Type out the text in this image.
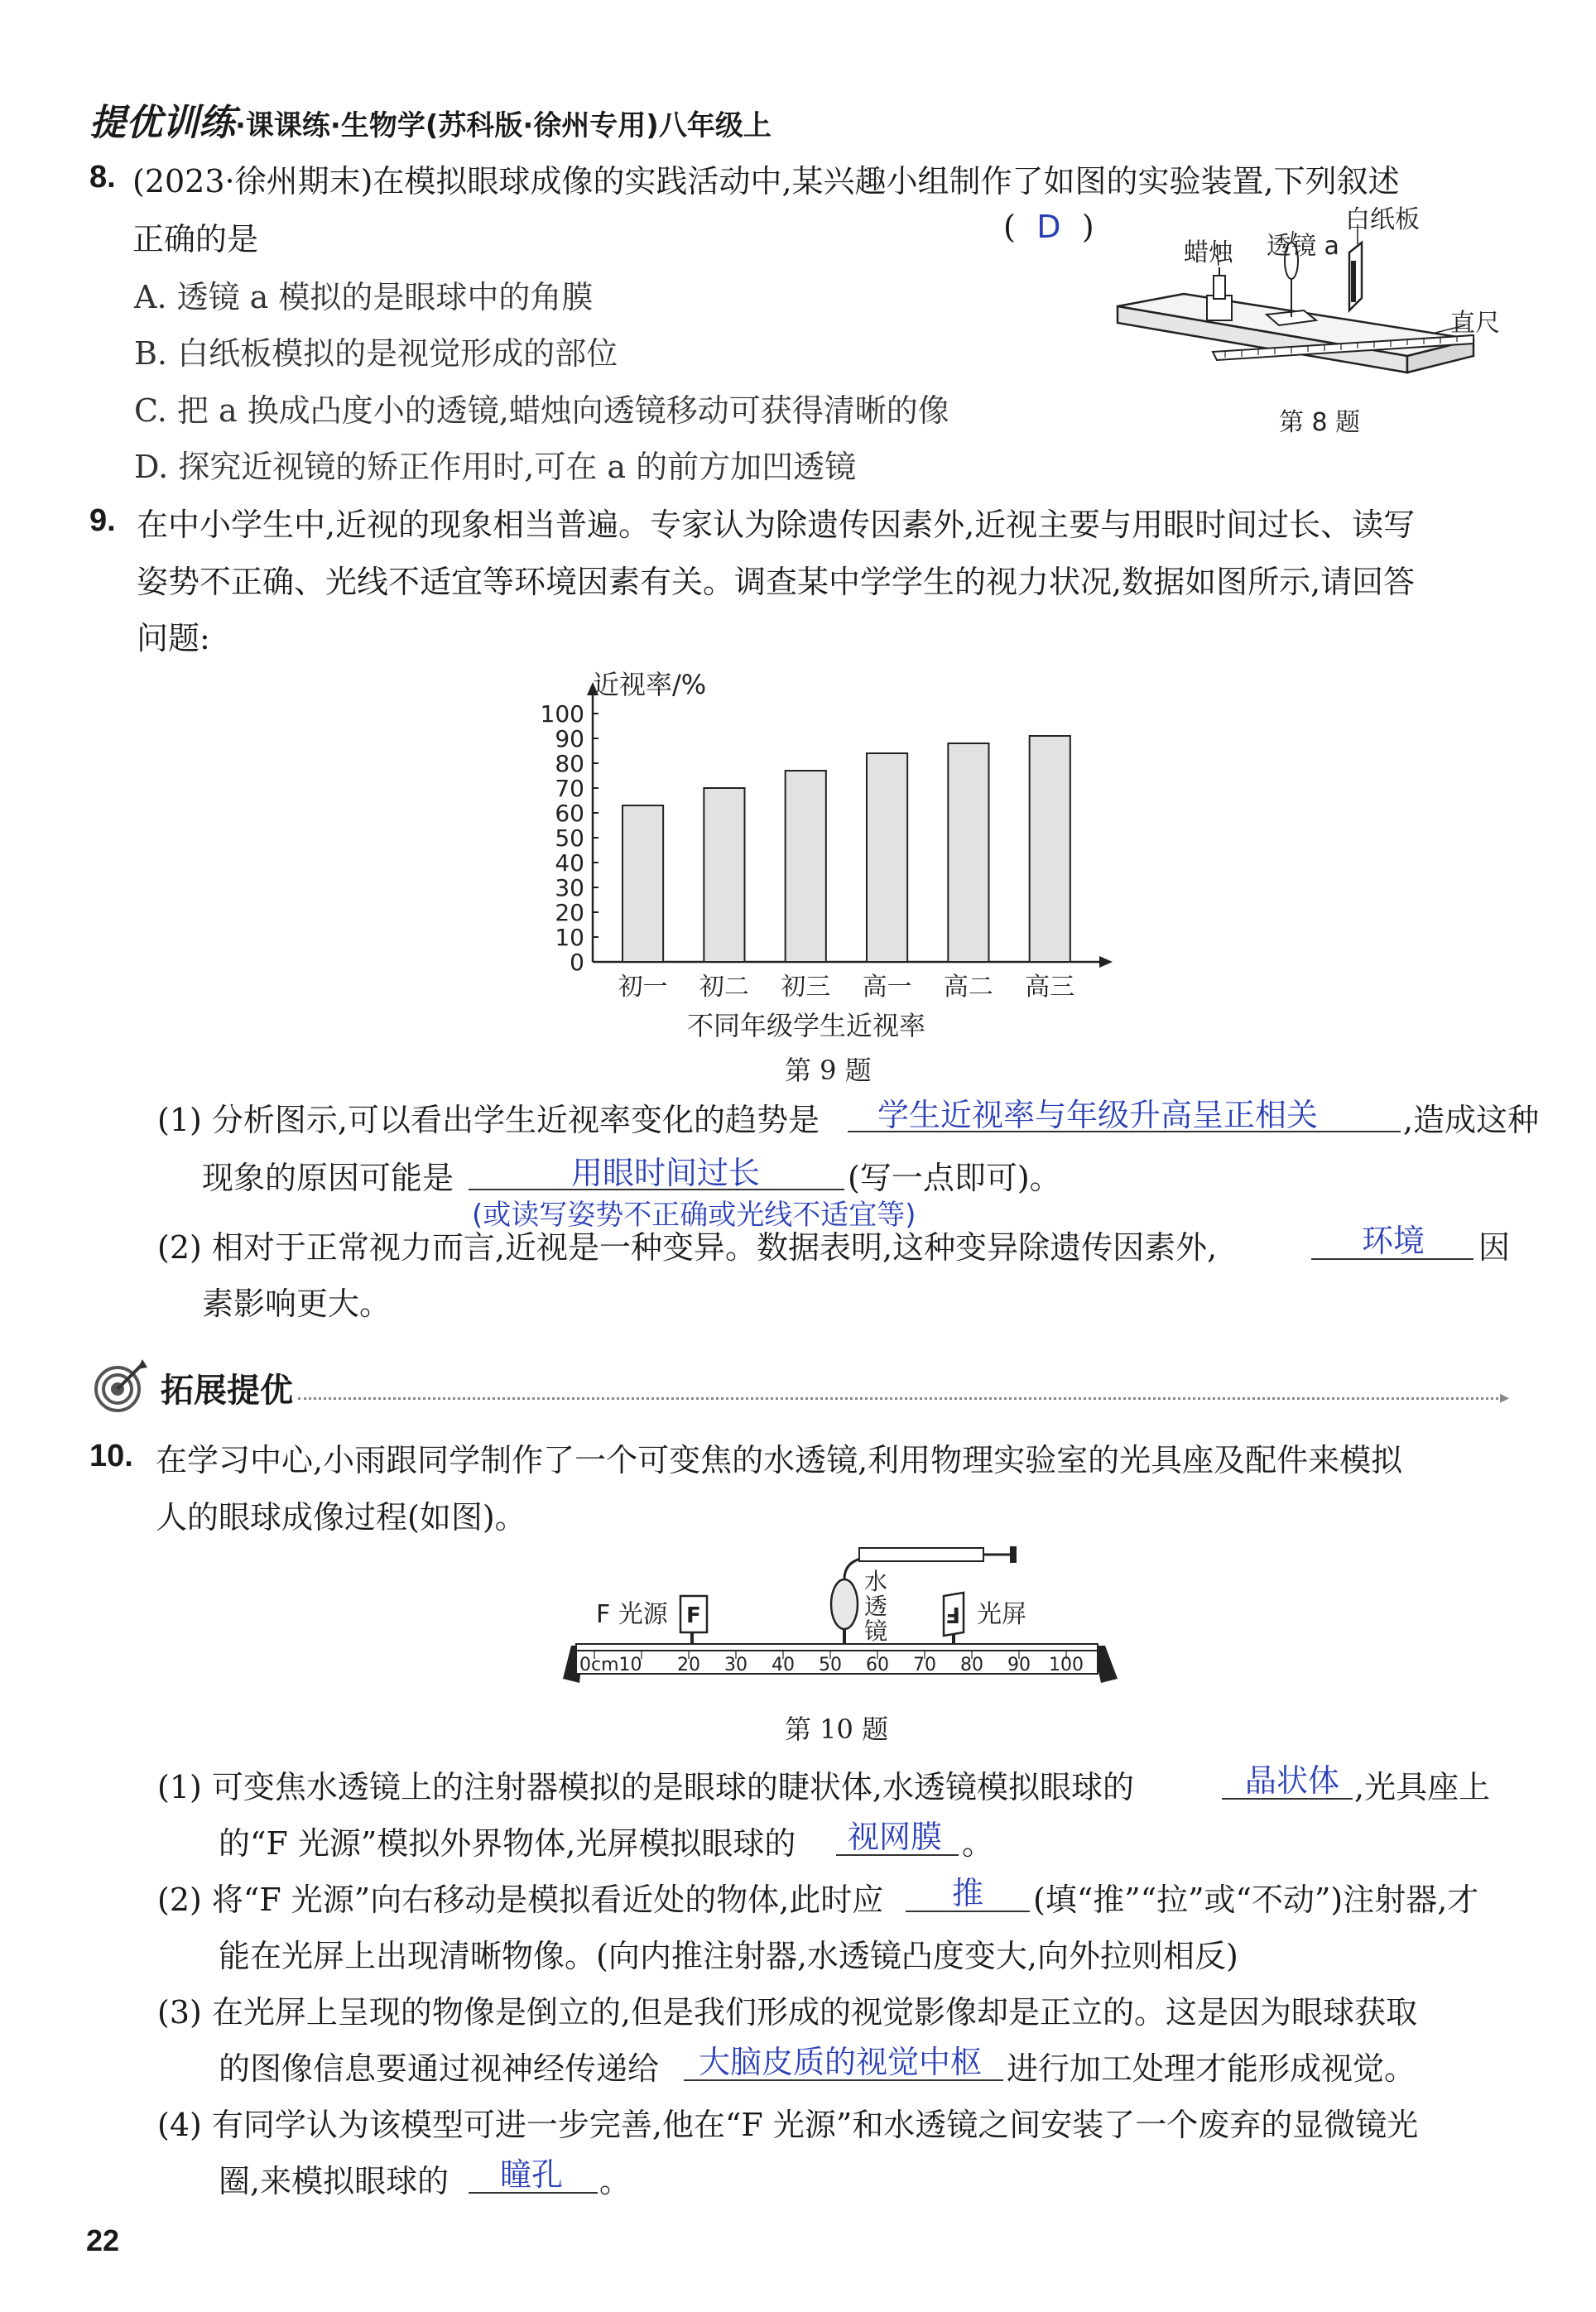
提优训练·课课练·生物学(苏科版·徐州专用)八年级上
8. (2023·徐州期末)在模拟眼球成像的实践活动中,某兴趣小组制作了如图的实验装置,下列叙述
正确的是	( D )
A. 透镜 a 模拟的是眼球中的角膜
B. 白纸板模拟的是视觉形成的部位
C. 把 a 换成凸度小的透镜,蜡烛向透镜移动可获得清晰的像
D. 探究近视镜的矫正作用时,可在 a 的前方加凹透镜
蜡烛 透镜 a
白纸板
直尺
第 8 题
9. 在中小学生中,近视的现象相当普遍。专家认为除遗传因素外,近视主要与用眼时间过长、读写
姿势不正确、光线不适宜等环境因素有关。调查某中学学生的视力状况,数据如图所示,请回答
问题:
0
10
20
30
40
50
60
70
80
90
100
初一 初二 初三 高一 高二 高三
近视率/%
不同年级学生近视率
第 9 题
(1) 分析图示,可以看出学生近视率变化的趋势是 学生近视率与年级升高呈正相关	,造成这种
现象的原因可能是	用眼时间过长
(或读写姿势不正确或光线不适宜等)
(写一点即可)。
(2) 相对于正常视力而言,近视是一种变异。数据表明,这种变异除遗传因素外,	环境 因
素影响更大。
拓展提优	▸
10. 在学习中心,小雨跟同学制作了一个可变焦的水透镜,利用物理实验室的光具座及配件来模拟
人的眼球成像过程(如图)。
F
F 光源
水
透
镜
F 光屏
0cm10 20 30 40 50 60 70 80 90 100
第 10 题
(1) 可变焦水透镜上的注射器模拟的是眼球的睫状体,水透镜模拟眼球的	晶状体 ,光具座上
的“F 光源”模拟外界物体,光屏模拟眼球的 视网膜 。
(2) 将“F 光源”向右移动是模拟看近处的物体,此时应 推 (填“推”“拉”或“不动”)注射器,才
能在光屏上出现清晰物像。(向内推注射器,水透镜凸度变大,向外拉则相反)
(3) 在光屏上呈现的物像是倒立的,但是我们形成的视觉影像却是正立的。这是因为眼球获取
的图像信息要通过视神经传递给 大脑皮质的视觉中枢 进行加工处理才能形成视觉。
(4) 有同学认为该模型可进一步完善,他在“F 光源”和水透镜之间安装了一个废弃的显微镜光
圈,来模拟眼球的 瞳孔 。
22
